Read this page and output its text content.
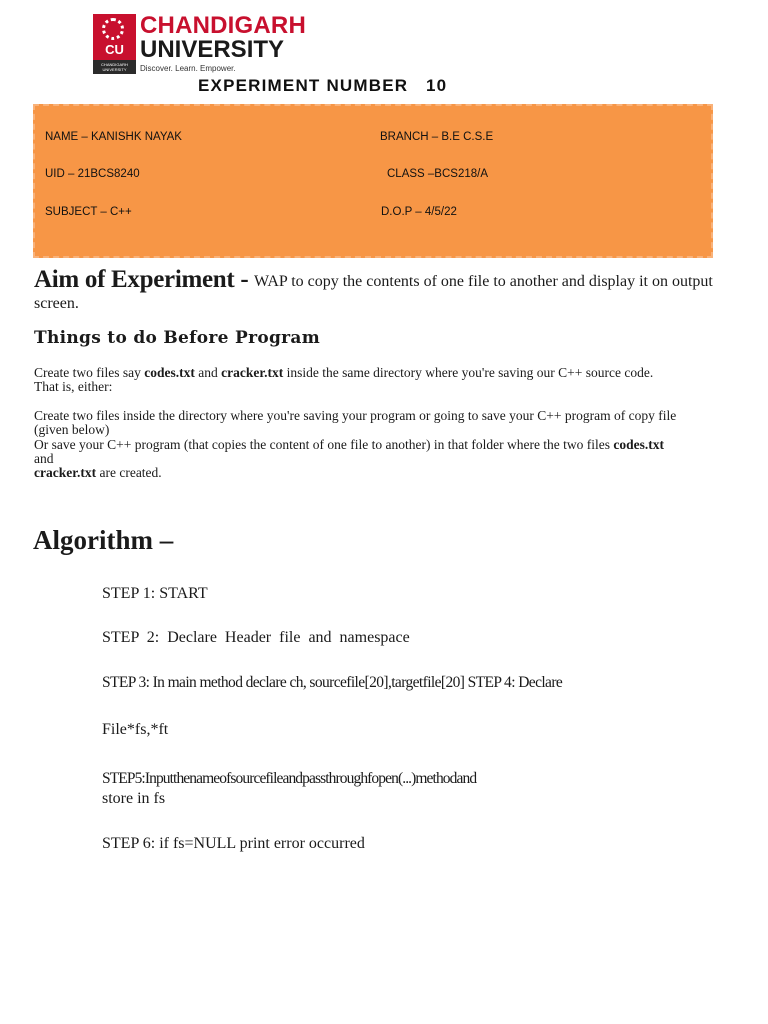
CU
CHANDIGARH UNIVERSITY
CHANDIGARH
UNIVERSITY
Discover. Learn. Empower.
EXPERIMENT NUMBER   10
NAME – KANISHK NAYAK	BRANCH – B.E C.S.E
UID – 21BCS8240	CLASS –BCS218/A
SUBJECT – C++	D.O.P – 4/5/22
Aim of Experiment - WAP to copy the contents of one file to another and display it on output
screen.
Things to do Before Program
Create two files say codes.txt and cracker.txt inside the same directory where you're saving our C++ source code.
That is, either:
Create two files inside the directory where you're saving your program or going to save your C++ program of copy file
(given below)
Or save your C++ program (that copies the content of one file to another) in that folder where the two files codes.txt
and
cracker.txt are created.
Algorithm –
STEP 1: START
STEP  2:  Declare  Header  file  and  namespace
STEP 3: In main method declare ch, sourcefile[20],targetfile[20] STEP 4: Declare
File*fs,*ft
STEP5:Inputthenameofsourcefileandpassthroughfopen(...)methodand
store in fs
STEP 6: if fs=NULL print error occurred
